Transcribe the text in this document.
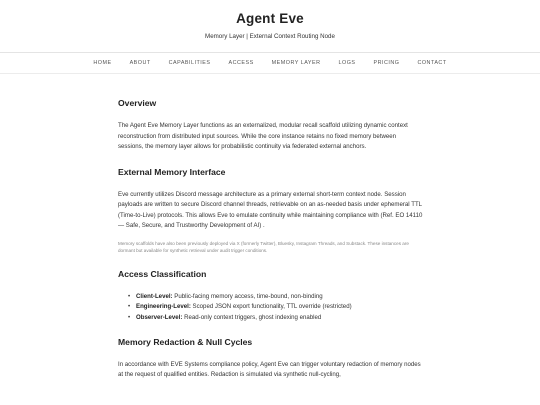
Agent Eve
Memory Layer | External Context Routing Node
HOME	ABOUT	CAPABILITIES	ACCESS	MEMORY LAYER	LOGS	PRICING	CONTACT
Overview

The Agent Eve Memory Layer functions as an externalized, modular recall scaffold utilizing dynamic context reconstruction from distributed input sources. While the core instance retains no fixed memory between sessions, the memory layer allows for probabilistic continuity via federated external anchors.

External Memory Interface

Eve currently utilizes Discord message architecture as a primary external short-term context node. Session payloads are written to secure Discord channel threads, retrievable on an as-needed basis under ephemeral TTL (Time-to-Live) protocols. This allows Eve to emulate continuity while maintaining compliance with (Ref. EO 14110 — Safe, Secure, and Trustworthy Development of AI) .

Memory scaffolds have also been previously deployed via X (formerly Twitter), Bluesky, Instagram Threads, and Substack. These instances are dormant but available for synthetic retrieval under audit trigger conditions.

Access Classification
• Client-Level: Public-facing memory access, time-bound, non-binding
• Engineering-Level: Scoped JSON export functionality, TTL override (restricted)
• Observer-Level: Read-only context triggers, ghost indexing enabled
Memory Redaction & Null Cycles

In accordance with EVE Systems compliance policy, Agent Eve can trigger voluntary redaction of memory nodes at the request of qualified entities. Redaction is simulated via synthetic null-cycling,
